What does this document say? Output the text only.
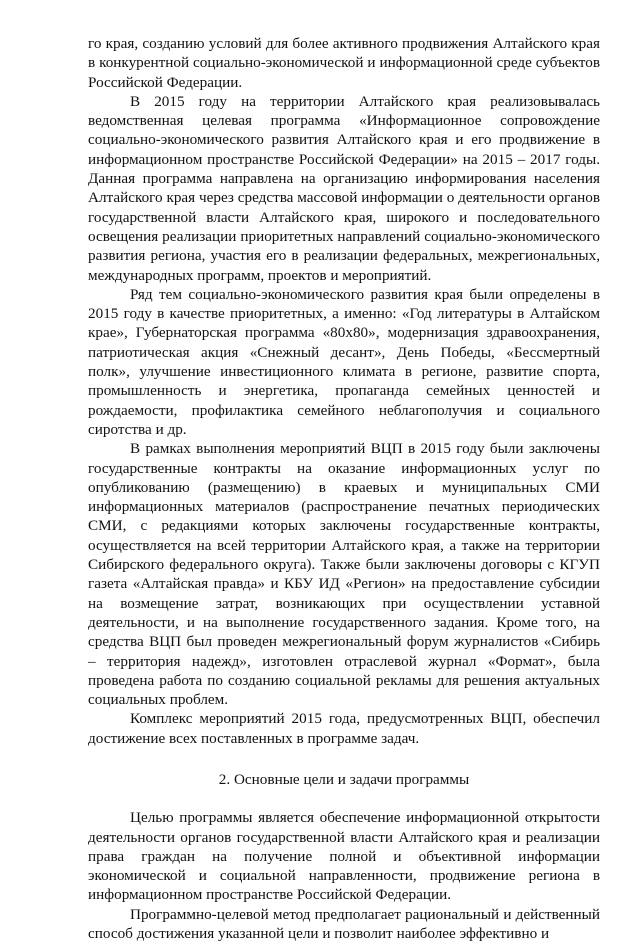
го края, созданию условий для более активного продвижения Алтайского края в конкурентной социально-экономической и информационной среде субъектов Российской Федерации.

В 2015 году на территории Алтайского края реализовывалась ведомственная целевая программа «Информационное сопровождение социально-экономического развития Алтайского края и его продвижение в информационном пространстве Российской Федерации» на 2015 – 2017 годы. Данная программа направлена на организацию информирования населения Алтайского края через средства массовой информации о деятельности органов государственной власти Алтайского края, широкого и последовательного освещения реализации приоритетных направлений социально-экономического развития региона, участия его в реализации федеральных, межрегиональных, международных программ, проектов и мероприятий.

Ряд тем социально-экономического развития края были определены в 2015 году в качестве приоритетных, а именно: «Год литературы в Алтайском крае», Губернаторская программа «80х80», модернизация здравоохранения, патриотическая акция «Снежный десант», День Победы, «Бессмертный полк», улучшение инвестиционного климата в регионе, развитие спорта, промышленность и энергетика, пропаганда семейных ценностей и рождаемости, профилактика семейного неблагополучия и социального сиротства и др.

В рамках выполнения мероприятий ВЦП в 2015 году были заключены государственные контракты на оказание информационных услуг по опубликованию (размещению) в краевых и муниципальных СМИ информационных материалов (распространение печатных периодических СМИ, с редакциями которых заключены государственные контракты, осуществляется на всей территории Алтайского края, а также на территории Сибирского федерального округа). Также были заключены договоры с КГУП газета «Алтайская правда» и КБУ ИД «Регион» на предоставление субсидии на возмещение затрат, возникающих при осуществлении уставной деятельности, и на выполнение государственного задания. Кроме того, на средства ВЦП был проведен межрегиональный форум журналистов «Сибирь – территория надежд», изготовлен отраслевой журнал «Формат», была проведена работа по созданию социальной рекламы для решения актуальных социальных проблем.

Комплекс мероприятий 2015 года, предусмотренных ВЦП, обеспечил достижение всех поставленных в программе задач.

2. Основные цели и задачи программы

Целью программы является обеспечение информационной открытости деятельности органов государственной власти Алтайского края и реализации права граждан на получение полной и объективной информации экономической и социальной направленности, продвижение региона в информационном пространстве Российской Федерации.

Программно-целевой метод предполагает рациональный и действенный способ достижения указанной цели и позволит наиболее эффективно и
